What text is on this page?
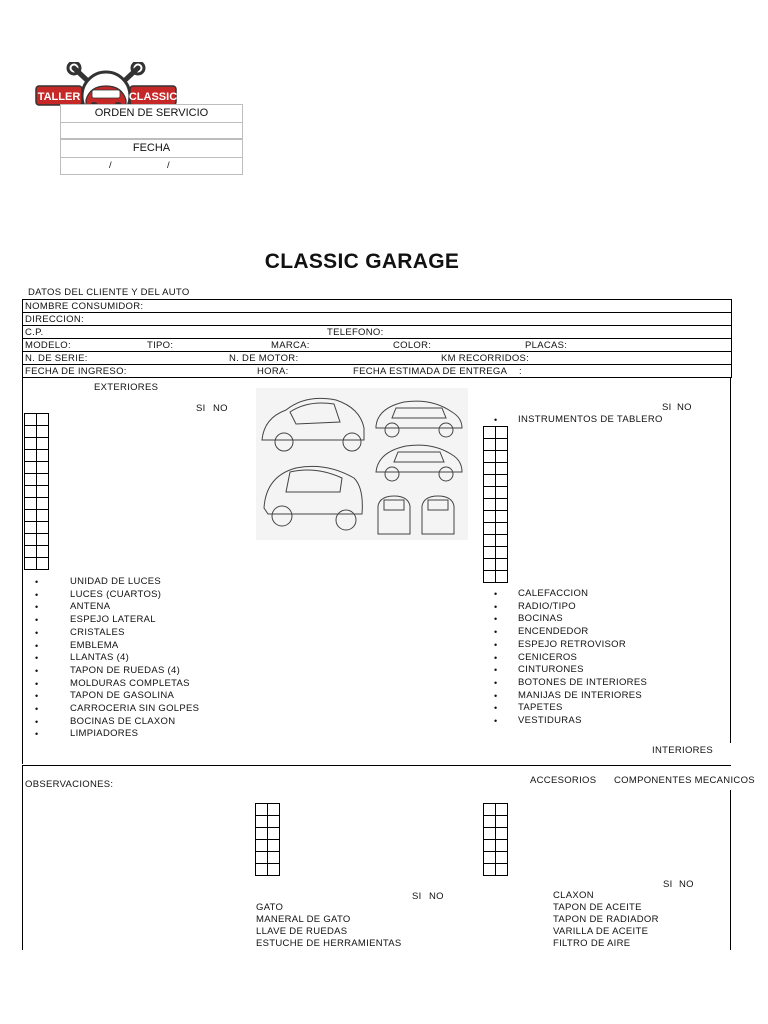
TALLER	CLASSIC
ORDEN DE SERVICIO
FECHA
/	/
CLASSIC GARAGE
DATOS DEL CLIENTE Y DEL AUTO
NOMBRE CONSUMIDOR:
DIRECCION:
C.P.	TELEFONO:
MODELO:	TIPO:	MARCA:	COLOR:	PLACAS:
N. DE SERIE:	N. DE MOTOR:	KM RECORRIDOS:
FECHA DE INGRESO:	HORA:	FECHA ESTIMADA DE ENTREGA :
EXTERIORES
SI NO

• UNIDAD DE LUCES
• LUCES (CUARTOS)
• ANTENA
• ESPEJO LATERAL
• CRISTALES
• EMBLEMA
• LLANTAS (4)
• TAPON DE RUEDAS (4)
• MOLDURAS COMPLETAS
• TAPON DE GASOLINA
• CARROCERIA SIN GOLPES
• BOCINAS DE CLAXON
• LIMPIADORES
SI NO
• INSTRUMENTOS DE TABLERO

• CALEFACCION
• RADIO/TIPO
• BOCINAS
• ENCENDEDOR
• ESPEJO RETROVISOR
• CENICEROS
• CINTURONES
• BOTONES DE INTERIORES
• MANIJAS DE INTERIORES
• TAPETES
• VESTIDURAS
INTERIORES
OBSERVACIONES:	ACCESORIOS COMPONENTES MECANICOS

SI NO
SI NO
GATO
MANERAL DE GATO
LLAVE DE RUEDAS
ESTUCHE DE HERRAMIENTAS
CLAXON
TAPON DE ACEITE
TAPON DE RADIADOR
VARILLA DE ACEITE
FILTRO DE AIRE
